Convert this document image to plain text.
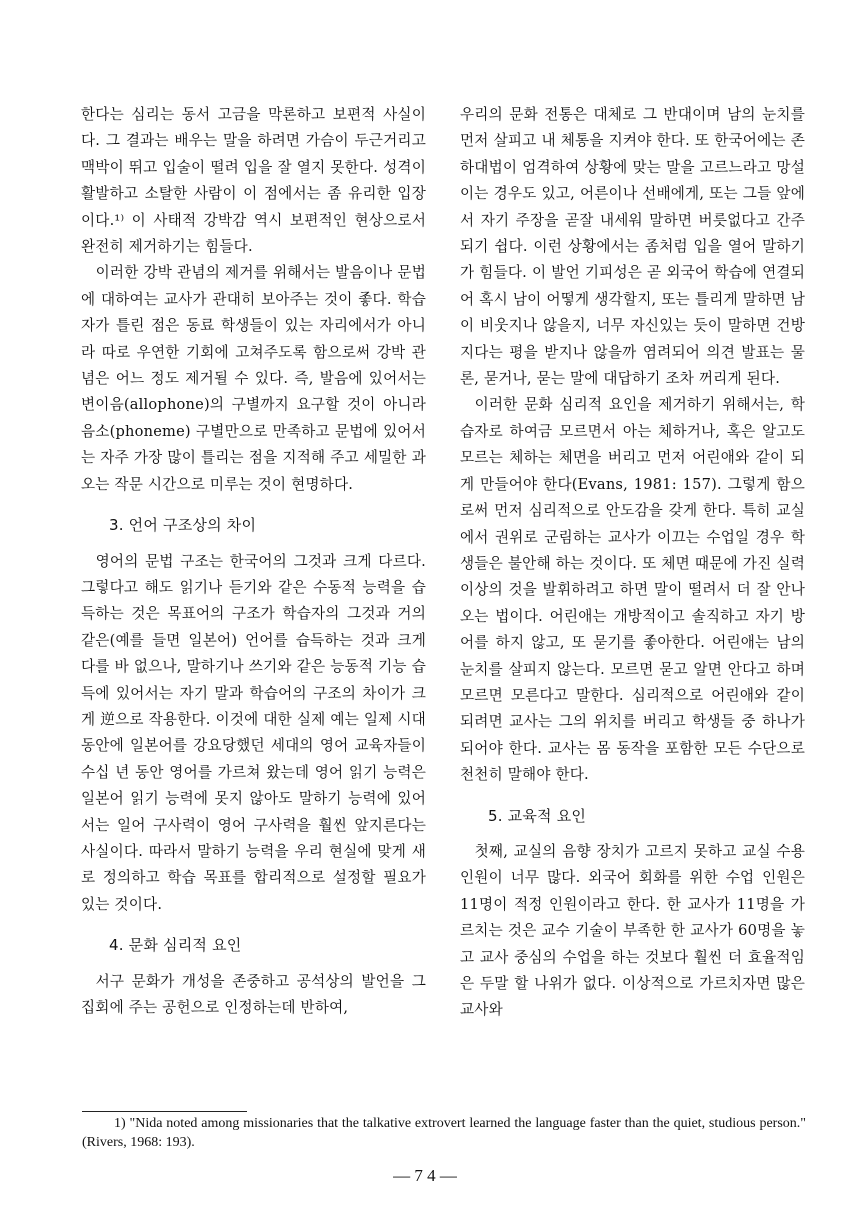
한다는 심리는 동서 고금을 막론하고 보편적 사실이다. 그 결과는 배우는 말을 하려면 가슴이 두근거리고 맥박이 뛰고 입술이 떨려 입을 잘 열지 못한다. 성격이 활발하고 소탈한 사람이 이 점에서는 좀 유리한 입장이다.¹⁾ 이 사태적 강박감 역시 보편적인 현상으로서 완전히 제거하기는 힘들다.

이러한 강박 관념의 제거를 위해서는 발음이나 문법에 대하여는 교사가 관대히 보아주는 것이 좋다. 학습자가 틀린 점은 동료 학생들이 있는 자리에서가 아니라 따로 우연한 기회에 고쳐주도록 함으로써 강박 관념은 어느 정도 제거될 수 있다. 즉, 발음에 있어서는 변이음(allophone)의 구별까지 요구할 것이 아니라 음소(phoneme) 구별만으로 만족하고 문법에 있어서는 자주 가장 많이 틀리는 점을 지적해 주고 세밀한 과오는 작문 시간으로 미루는 것이 현명하다.

3. 언어 구조상의 차이

영어의 문법 구조는 한국어의 그것과 크게 다르다. 그렇다고 해도 읽기나 듣기와 같은 수동적 능력을 습득하는 것은 목표어의 구조가 학습자의 그것과 거의 같은(예를 들면 일본어) 언어를 습득하는 것과 크게 다를 바 없으나, 말하기나 쓰기와 같은 능동적 기능 습득에 있어서는 자기 말과 학습어의 구조의 차이가 크게 逆으로 작용한다. 이것에 대한 실제 예는 일제 시대 동안에 일본어를 강요당했던 세대의 영어 교육자들이 수십 년 동안 영어를 가르쳐 왔는데 영어 읽기 능력은 일본어 읽기 능력에 못지 않아도 말하기 능력에 있어서는 일어 구사력이 영어 구사력을 훨씬 앞지른다는 사실이다. 따라서 말하기 능력을 우리 현실에 맞게 새로 정의하고 학습 목표를 합리적으로 설정할 필요가 있는 것이다.

4. 문화 심리적 요인

서구 문화가 개성을 존중하고 공석상의 발언을 그 집회에 주는 공헌으로 인정하는데 반하여,

우리의 문화 전통은 대체로 그 반대이며 남의 눈치를 먼저 살피고 내 체통을 지켜야 한다. 또 한국어에는 존하대법이 엄격하여 상황에 맞는 말을 고르느라고 망설이는 경우도 있고, 어른이나 선배에게, 또는 그들 앞에서 자기 주장을 곧잘 내세워 말하면 버릇없다고 간주되기 쉽다. 이런 상황에서는 좀처럼 입을 열어 말하기가 힘들다. 이 발언 기피성은 곧 외국어 학습에 연결되어 혹시 남이 어떻게 생각할지, 또는 틀리게 말하면 남이 비웃지나 않을지, 너무 자신있는 듯이 말하면 건방지다는 평을 받지나 않을까 염려되어 의견 발표는 물론, 묻거나, 묻는 말에 대답하기 조차 꺼리게 된다.

이러한 문화 심리적 요인을 제거하기 위해서는, 학습자로 하여금 모르면서 아는 체하거나, 혹은 알고도 모르는 체하는 체면을 버리고 먼저 어린애와 같이 되게 만들어야 한다(Evans, 1981: 157). 그렇게 함으로써 먼저 심리적으로 안도감을 갖게 한다. 특히 교실에서 권위로 군림하는 교사가 이끄는 수업일 경우 학생들은 불안해 하는 것이다. 또 체면 때문에 가진 실력 이상의 것을 발휘하려고 하면 말이 떨려서 더 잘 안나오는 법이다. 어린애는 개방적이고 솔직하고 자기 방어를 하지 않고, 또 묻기를 좋아한다. 어린애는 남의 눈치를 살피지 않는다. 모르면 묻고 알면 안다고 하며 모르면 모른다고 말한다. 심리적으로 어린애와 같이 되려면 교사는 그의 위치를 버리고 학생들 중 하나가 되어야 한다. 교사는 몸 동작을 포함한 모든 수단으로 천천히 말해야 한다.

5. 교육적 요인

첫째, 교실의 음향 장치가 고르지 못하고 교실 수용 인원이 너무 많다. 외국어 회화를 위한 수업 인원은 11명이 적정 인원이라고 한다. 한 교사가 11명을 가르치는 것은 교수 기술이 부족한 한 교사가 60명을 놓고 교사 중심의 수업을 하는 것보다 훨씬 더 효율적임은 두말 할 나위가 없다. 이상적으로 가르치자면 많은 교사와

1) "Nida noted among missionaries that the talkative extrovert learned the language faster than the quiet, studious person." (Rivers, 1968: 193).

— 7 4 —
